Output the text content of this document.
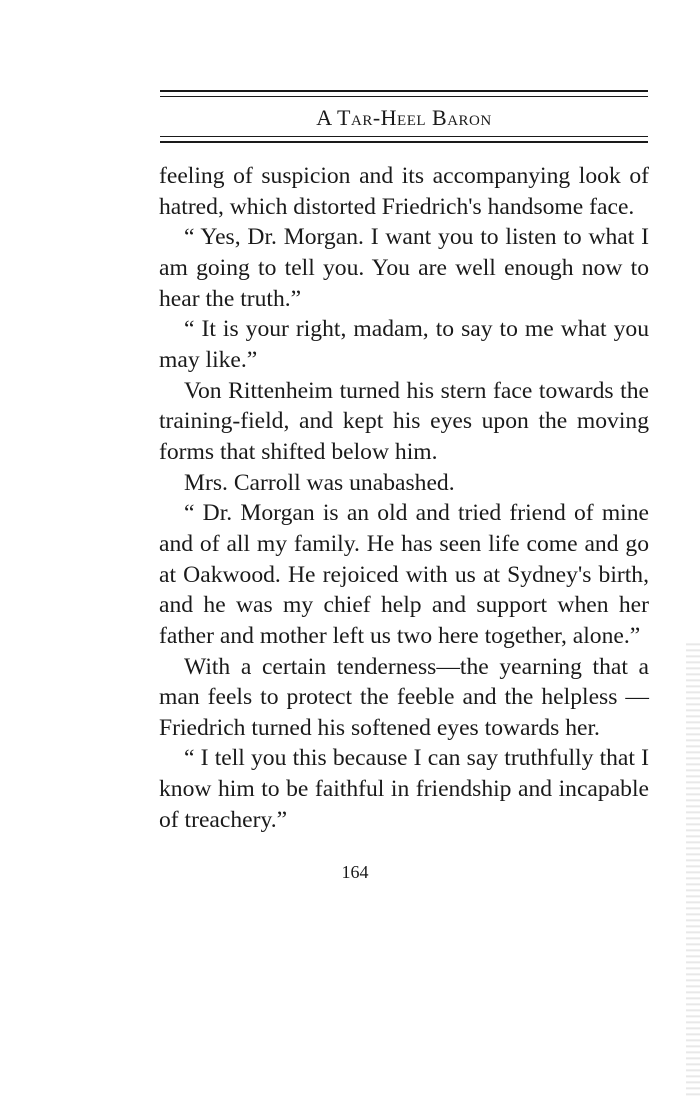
A Tar-Heel Baron

feeling of suspicion and its accompanying look of hatred, which distorted Friedrich's handsome face.

“ Yes, Dr. Morgan. I want you to listen to what I am going to tell you. You are well enough now to hear the truth.”

“ It is your right, madam, to say to me what you may like.”

Von Rittenheim turned his stern face towards the training-field, and kept his eyes upon the moving forms that shifted below him.

Mrs. Carroll was unabashed.

“ Dr. Morgan is an old and tried friend of mine and of all my family. He has seen life come and go at Oakwood. He rejoiced with us at Sydney's birth, and he was my chief help and support when her father and mother left us two here together, alone.”

With a certain tenderness—the yearning that a man feels to protect the feeble and the helpless —Friedrich turned his softened eyes towards her.

“ I tell you this because I can say truthfully that I know him to be faithful in friendship and incapable of treachery.”

164
